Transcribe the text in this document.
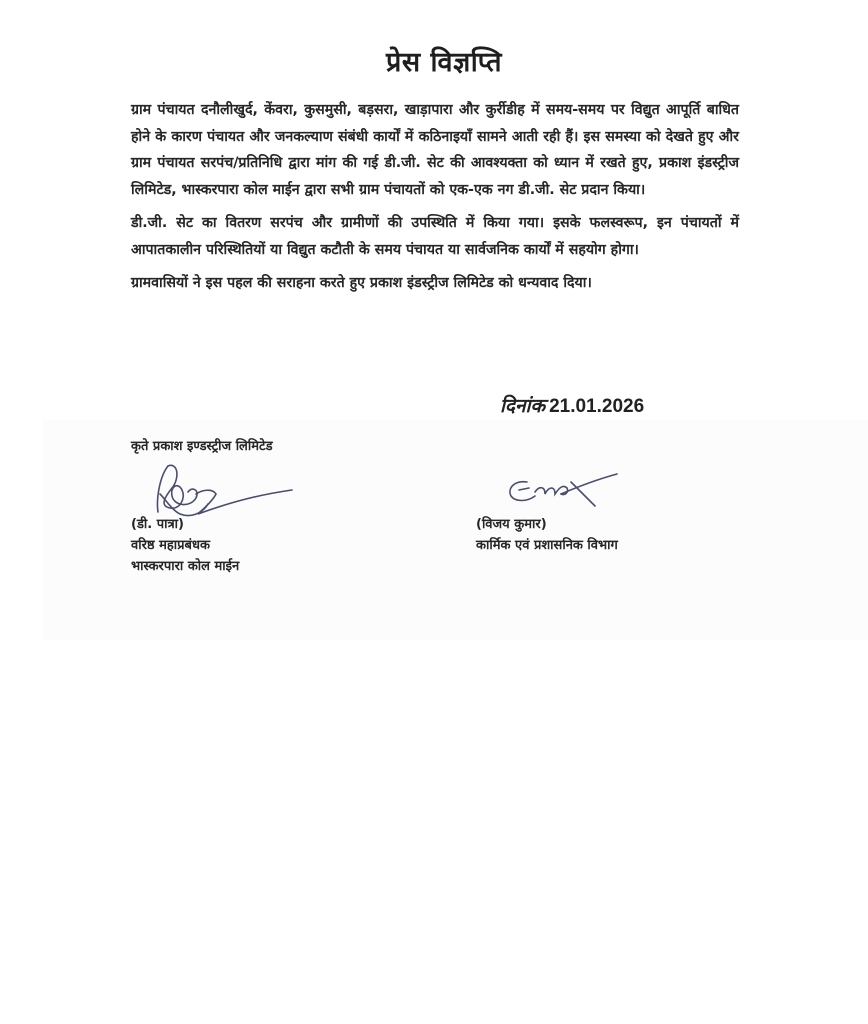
प्रेस विज्ञप्ति

ग्राम पंचायत दनौलीखुर्द, केंवरा, कुसमुसी, बड़सरा, खाड़ापारा और कुर्रीडीह में समय-समय पर विद्युत आपूर्ति बाधित होने के कारण पंचायत और जनकल्याण संबंधी कार्यों में कठिनाइयाँ सामने आती रही हैं। इस समस्या को देखते हुए और ग्राम पंचायत सरपंच/प्रतिनिधि द्वारा मांग की गई डी.जी. सेट की आवश्यक्ता को ध्यान में रखते हुए, प्रकाश इंडस्ट्रीज लिमिटेड, भास्करपारा कोल माईन द्वारा सभी ग्राम पंचायतों को एक-एक नग डी.जी. सेट प्रदान किया।

डी.जी. सेट का वितरण सरपंच और ग्रामीणों की उपस्थिति में किया गया। इसके फलस्वरूप, इन पंचायतों में आपातकालीन परिस्थितियों या विद्युत कटौती के समय पंचायत या सार्वजनिक कार्यों में सहयोग होगा।

ग्रामवासियों ने इस पहल की सराहना करते हुए प्रकाश इंडस्ट्रीज लिमिटेड को धन्यवाद दिया।

दिनांक 21.01.2026
कृते प्रकाश इण्डस्ट्रीज लिमिटेड
(डी. पात्रा)
वरिष्ठ महाप्रबंधक
भास्करपारा कोल माईन
(विजय कुमार)
कार्मिक एवं प्रशासनिक विभाग
